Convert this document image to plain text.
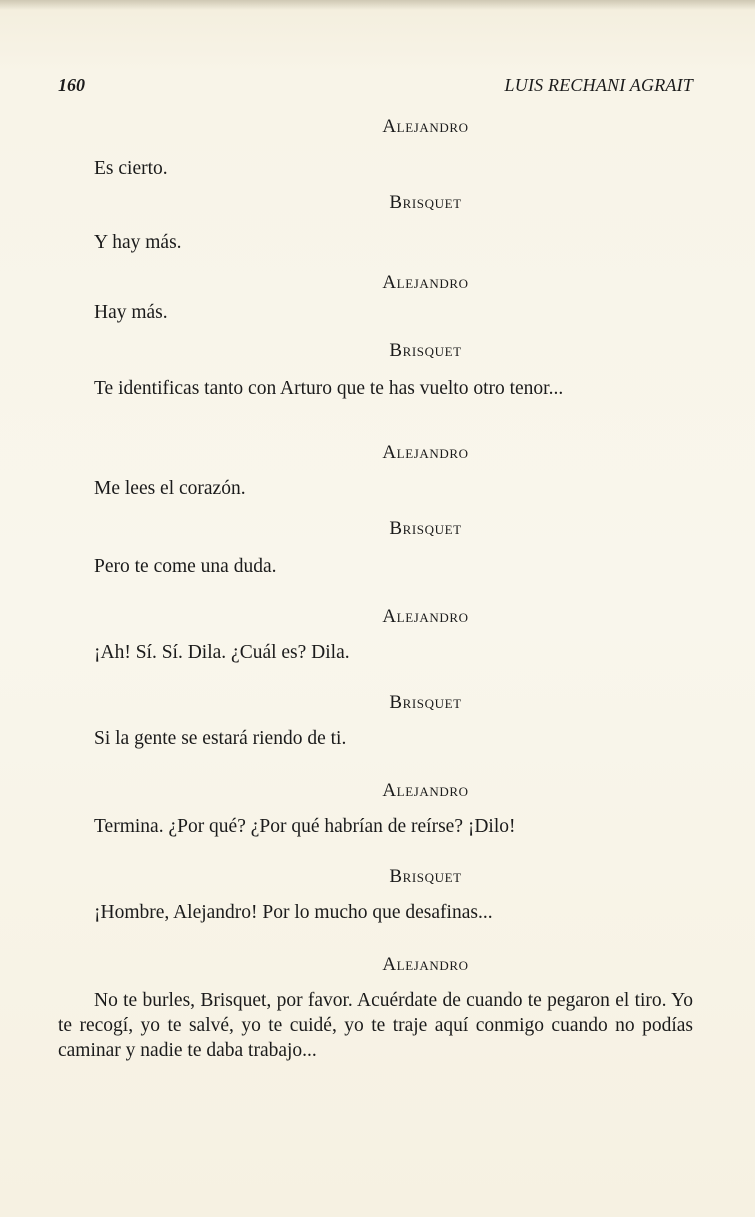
160	LUIS RECHANI AGRAIT

Alejandro

Es cierto.

Brisquet

Y hay más.

Alejandro

Hay más.

Brisquet

Te identificas tanto con Arturo que te has vuelto otro tenor...

Alejandro

Me lees el corazón.

Brisquet

Pero te come una duda.

Alejandro

¡Ah! Sí. Sí. Dila. ¿Cuál es? Dila.

Brisquet

Si la gente se estará riendo de ti.

Alejandro

Termina. ¿Por qué? ¿Por qué habrían de reírse? ¡Dilo!

Brisquet

¡Hombre, Alejandro! Por lo mucho que desafinas...

Alejandro

No te burles, Brisquet, por favor. Acuérdate de cuando te pegaron el tiro. Yo te recogí, yo te salvé, yo te cuidé, yo te traje aquí conmigo cuando no podías caminar y nadie te daba trabajo...
